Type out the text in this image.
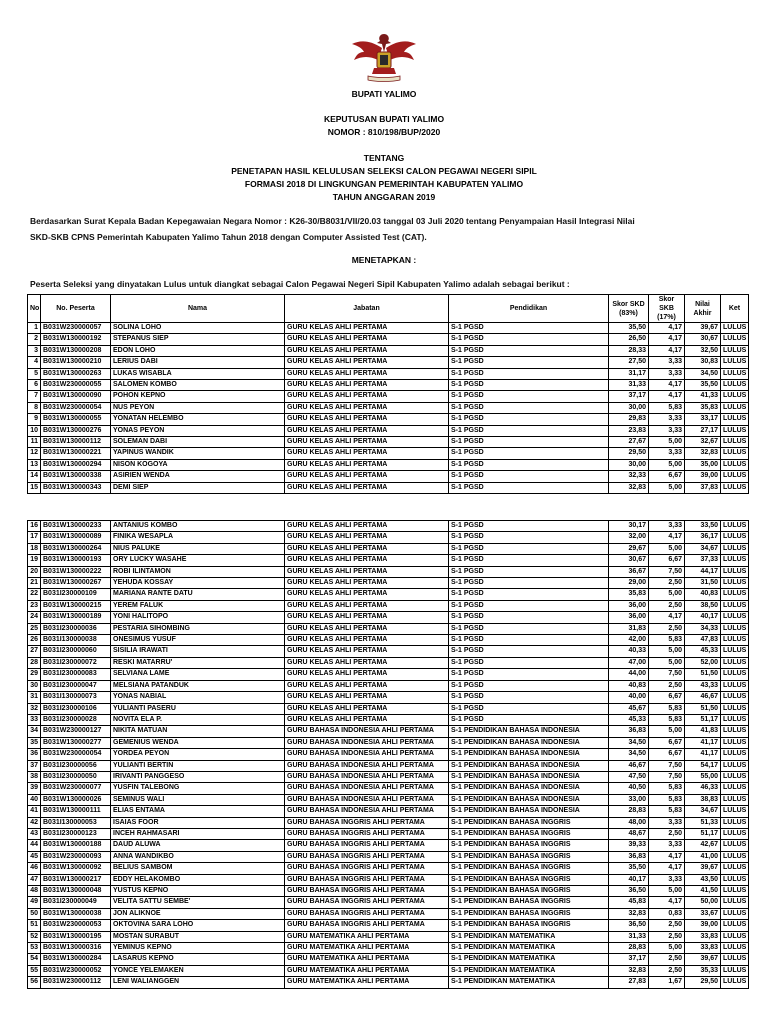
BUPATI YALIMO
KEPUTUSAN BUPATI YALIMO
NOMOR : 810/198/BUP/2020
TENTANG
PENETAPAN HASIL KELULUSAN SELEKSI CALON PEGAWAI NEGERI SIPIL
FORMASI 2018 DI LINGKUNGAN PEMERINTAH KABUPATEN YALIMO
TAHUN ANGGARAN 2019
Berdasarkan Surat Kepala Badan Kepegawaian Negara Nomor : K26-30/B8031/VII/20.03 tanggal 03 Juli 2020 tentang Penyampaian Hasil Integrasi Nilai
SKD-SKB CPNS Pemerintah Kabupaten Yalimo Tahun 2018 dengan Computer Assisted Test (CAT).
MENETAPKAN :
Peserta Seleksi yang dinyatakan Lulus untuk diangkat sebagai Calon Pegawai Negeri Sipil Kabupaten Yalimo adalah sebagai berikut :
No	No. Peserta	Nama	Jabatan	Pendidikan	Skor SKD (83%)	Skor SKB (17%)	Nilai Akhir	Ket
1	B031W230000057	SOLINA LOHO	GURU KELAS AHLI PERTAMA	S-1 PGSD	35,50	4,17	39,67	LULUS
2	B031W130000192	STEPANUS SIEP	GURU KELAS AHLI PERTAMA	S-1 PGSD	26,50	4,17	30,67	LULUS
3	B031W130000208	EDON LOHO	GURU KELAS AHLI PERTAMA	S-1 PGSD	28,33	4,17	32,50	LULUS
4	B031W130000210	LERIUS DABI	GURU KELAS AHLI PERTAMA	S-1 PGSD	27,50	3,33	30,83	LULUS
5	B031W130000263	LUKAS WISABLA	GURU KELAS AHLI PERTAMA	S-1 PGSD	31,17	3,33	34,50	LULUS
6	B031W230000055	SALOMEN KOMBO	GURU KELAS AHLI PERTAMA	S-1 PGSD	31,33	4,17	35,50	LULUS
7	B031W130000090	POHON KEPNO	GURU KELAS AHLI PERTAMA	S-1 PGSD	37,17	4,17	41,33	LULUS
8	B031W230000054	NUS PEYON	GURU KELAS AHLI PERTAMA	S-1 PGSD	30,00	5,83	35,83	LULUS
9	B031W130000055	YONATAN HELEMBO	GURU KELAS AHLI PERTAMA	S-1 PGSD	29,83	3,33	33,17	LULUS
10	B031W130000276	YONAS PEYON	GURU KELAS AHLI PERTAMA	S-1 PGSD	23,83	3,33	27,17	LULUS
11	B031W130000112	SOLEMAN DABI	GURU KELAS AHLI PERTAMA	S-1 PGSD	27,67	5,00	32,67	LULUS
12	B031W130000221	YAPINUS WANDIK	GURU KELAS AHLI PERTAMA	S-1 PGSD	29,50	3,33	32,83	LULUS
13	B031W130000294	NISON KOGOYA	GURU KELAS AHLI PERTAMA	S-1 PGSD	30,00	5,00	35,00	LULUS
14	B031W130000338	ASIRIEN WENDA	GURU KELAS AHLI PERTAMA	S-1 PGSD	32,33	6,67	39,00	LULUS
15	B031W130000343	DEMI SIEP	GURU KELAS AHLI PERTAMA	S-1 PGSD	32,83	5,00	37,83	LULUS
16	B031W130000233	ANTANIUS KOMBO	GURU KELAS AHLI PERTAMA	S-1 PGSD	30,17	3,33	33,50	LULUS
17	B031W130000089	FINIKA WESAPLA	GURU KELAS AHLI PERTAMA	S-1 PGSD	32,00	4,17	36,17	LULUS
18	B031W130000264	NIUS PALUKE	GURU KELAS AHLI PERTAMA	S-1 PGSD	29,67	5,00	34,67	LULUS
19	B031W130000193	ORY LUCKY WASAHE	GURU KELAS AHLI PERTAMA	S-1 PGSD	30,67	6,67	37,33	LULUS
20	B031W130000222	ROBI ILINTAMON	GURU KELAS AHLI PERTAMA	S-1 PGSD	36,67	7,50	44,17	LULUS
21	B031W130000267	YEHUDA KOSSAY	GURU KELAS AHLI PERTAMA	S-1 PGSD	29,00	2,50	31,50	LULUS
22	B031I230000109	MARIANA RANTE DATU	GURU KELAS AHLI PERTAMA	S-1 PGSD	35,83	5,00	40,83	LULUS
23	B031W130000215	YEREM FALUK	GURU KELAS AHLI PERTAMA	S-1 PGSD	36,00	2,50	38,50	LULUS
24	B031W130000189	YONI HALITOPO	GURU KELAS AHLI PERTAMA	S-1 PGSD	36,00	4,17	40,17	LULUS
25	B031I230000036	PESTARIA SIHOMBING	GURU KELAS AHLI PERTAMA	S-1 PGSD	31,83	2,50	34,33	LULUS
26	B031I130000038	ONESIMUS YUSUF	GURU KELAS AHLI PERTAMA	S-1 PGSD	42,00	5,83	47,83	LULUS
27	B031I230000060	SISILIA IRAWATI	GURU KELAS AHLI PERTAMA	S-1 PGSD	40,33	5,00	45,33	LULUS
28	B031I230000072	RESKI MATARRU'	GURU KELAS AHLI PERTAMA	S-1 PGSD	47,00	5,00	52,00	LULUS
29	B031I230000083	SELVIANA LAME	GURU KELAS AHLI PERTAMA	S-1 PGSD	44,00	7,50	51,50	LULUS
30	B031I230000047	MELSIANA PATANDUK	GURU KELAS AHLI PERTAMA	S-1 PGSD	40,83	2,50	43,33	LULUS
31	B031I130000073	YONAS NABIAL	GURU KELAS AHLI PERTAMA	S-1 PGSD	40,00	6,67	46,67	LULUS
32	B031I230000106	YULIANTI PASERU	GURU KELAS AHLI PERTAMA	S-1 PGSD	45,67	5,83	51,50	LULUS
33	B031I230000028	NOVITA ELA P.	GURU KELAS AHLI PERTAMA	S-1 PGSD	45,33	5,83	51,17	LULUS
34	B031W230000127	NIKITA MATUAN	GURU BAHASA INDONESIA AHLI PERTAMA	S-1 PENDIDIKAN BAHASA INDONESIA	36,83	5,00	41,83	LULUS
35	B031W130000277	GEMENIUS WENDA	GURU BAHASA INDONESIA AHLI PERTAMA	S-1 PENDIDIKAN BAHASA INDONESIA	34,50	6,67	41,17	LULUS
36	B031W230000054	YORDEA PEYON	GURU BAHASA INDONESIA AHLI PERTAMA	S-1 PENDIDIKAN BAHASA INDONESIA	34,50	6,67	41,17	LULUS
37	B031I230000056	YULIANTI BERTIN	GURU BAHASA INDONESIA AHLI PERTAMA	S-1 PENDIDIKAN BAHASA INDONESIA	46,67	7,50	54,17	LULUS
38	B031I230000050	IRIVANTI PANGGESO	GURU BAHASA INDONESIA AHLI PERTAMA	S-1 PENDIDIKAN BAHASA INDONESIA	47,50	7,50	55,00	LULUS
39	B031W230000077	YUSFIN TALEBONG	GURU BAHASA INDONESIA AHLI PERTAMA	S-1 PENDIDIKAN BAHASA INDONESIA	40,50	5,83	46,33	LULUS
40	B031W130000026	SEMINUS WALI	GURU BAHASA INDONESIA AHLI PERTAMA	S-1 PENDIDIKAN BAHASA INDONESIA	33,00	5,83	38,83	LULUS
41	B031W130000111	ELIAS ENTAMA	GURU BAHASA INDONESIA AHLI PERTAMA	S-1 PENDIDIKAN BAHASA INDONESIA	28,83	5,83	34,67	LULUS
42	B031I130000053	ISAIAS FOOR	GURU BAHASA INGGRIS AHLI PERTAMA	S-1 PENDIDIKAN BAHASA INGGRIS	48,00	3,33	51,33	LULUS
43	B031I230000123	INCEH RAHMASARI	GURU BAHASA INGGRIS AHLI PERTAMA	S-1 PENDIDIKAN BAHASA INGGRIS	48,67	2,50	51,17	LULUS
44	B031W130000188	DAUD ALUWA	GURU BAHASA INGGRIS AHLI PERTAMA	S-1 PENDIDIKAN BAHASA INGGRIS	39,33	3,33	42,67	LULUS
45	B031W230000093	ANNA WANDIKBO	GURU BAHASA INGGRIS AHLI PERTAMA	S-1 PENDIDIKAN BAHASA INGGRIS	36,83	4,17	41,00	LULUS
46	B031W130000092	BELIUS SAMBOM	GURU BAHASA INGGRIS AHLI PERTAMA	S-1 PENDIDIKAN BAHASA INGGRIS	35,50	4,17	39,67	LULUS
47	B031W130000217	EDDY HELAKOMBO	GURU BAHASA INGGRIS AHLI PERTAMA	S-1 PENDIDIKAN BAHASA INGGRIS	40,17	3,33	43,50	LULUS
48	B031W130000048	YUSTUS KEPNO	GURU BAHASA INGGRIS AHLI PERTAMA	S-1 PENDIDIKAN BAHASA INGGRIS	36,50	5,00	41,50	LULUS
49	B031I230000049	VELITA SATTU SEMBE'	GURU BAHASA INGGRIS AHLI PERTAMA	S-1 PENDIDIKAN BAHASA INGGRIS	45,83	4,17	50,00	LULUS
50	B031W130000038	JON ALIKNOE	GURU BAHASA INGGRIS AHLI PERTAMA	S-1 PENDIDIKAN BAHASA INGGRIS	32,83	0,83	33,67	LULUS
51	B031W230000053	OKTOVINA SARA LOHO	GURU BAHASA INGGRIS AHLI PERTAMA	S-1 PENDIDIKAN BAHASA INGGRIS	36,50	2,50	39,00	LULUS
52	B031W130000195	MOSTAN SURABUT	GURU MATEMATIKA AHLI PERTAMA	S-1 PENDIDIKAN MATEMATIKA	31,33	2,50	33,83	LULUS
53	B031W130000316	YEMINUS KEPNO	GURU MATEMATIKA AHLI PERTAMA	S-1 PENDIDIKAN MATEMATIKA	28,83	5,00	33,83	LULUS
54	B031W130000284	LASARUS KEPNO	GURU MATEMATIKA AHLI PERTAMA	S-1 PENDIDIKAN MATEMATIKA	37,17	2,50	39,67	LULUS
55	B031W230000052	YONCE YELEMAKEN	GURU MATEMATIKA AHLI PERTAMA	S-1 PENDIDIKAN MATEMATIKA	32,83	2,50	35,33	LULUS
56	B031W230000112	LENI WALIANGGEN	GURU MATEMATIKA AHLI PERTAMA	S-1 PENDIDIKAN MATEMATIKA	27,83	1,67	29,50	LULUS
